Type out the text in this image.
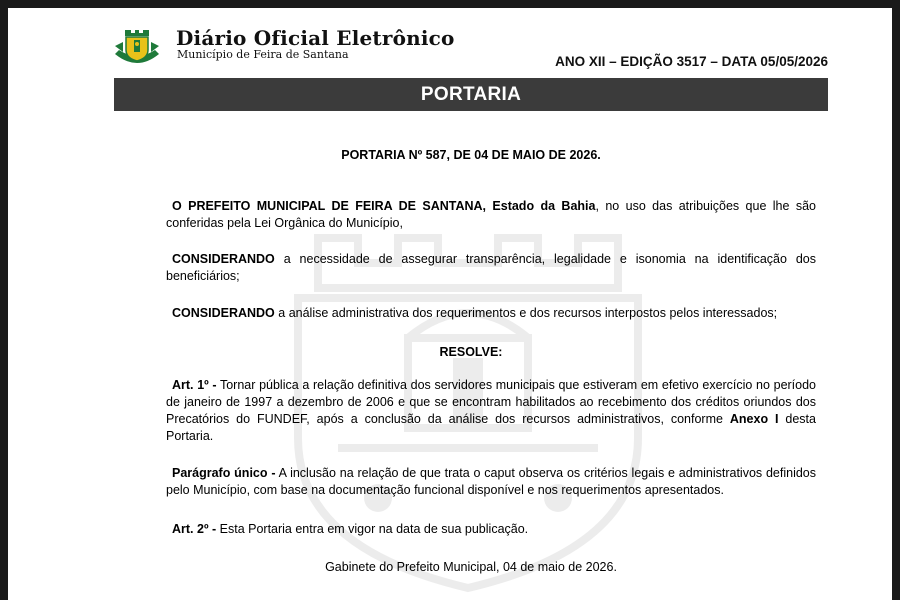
Diário Oficial Eletrônico
Município de Feira de Santana	ANO XII – EDIÇÃO 3517 – DATA 05/05/2026
PORTARIA
PORTARIA Nº 587, DE 04 DE MAIO DE 2026.
O PREFEITO MUNICIPAL DE FEIRA DE SANTANA, Estado da Bahia, no uso das atribuições que lhe são conferidas pela Lei Orgânica do Município,
CONSIDERANDO a necessidade de assegurar transparência, legalidade e isonomia na identificação dos beneficiários;
CONSIDERANDO a análise administrativa dos requerimentos e dos recursos interpostos pelos interessados;
RESOLVE:
Art. 1º - Tornar pública a relação definitiva dos servidores municipais que estiveram em efetivo exercício no período de janeiro de 1997 a dezembro de 2006 e que se encontram habilitados ao recebimento dos créditos oriundos dos Precatórios do FUNDEF, após a conclusão da análise dos recursos administrativos, conforme Anexo I desta Portaria.
Parágrafo único - A inclusão na relação de que trata o caput observa os critérios legais e administrativos definidos pelo Município, com base na documentação funcional disponível e nos requerimentos apresentados.
Art. 2º - Esta Portaria entra em vigor na data de sua publicação.
Gabinete do Prefeito Municipal, 04 de maio de 2026.
